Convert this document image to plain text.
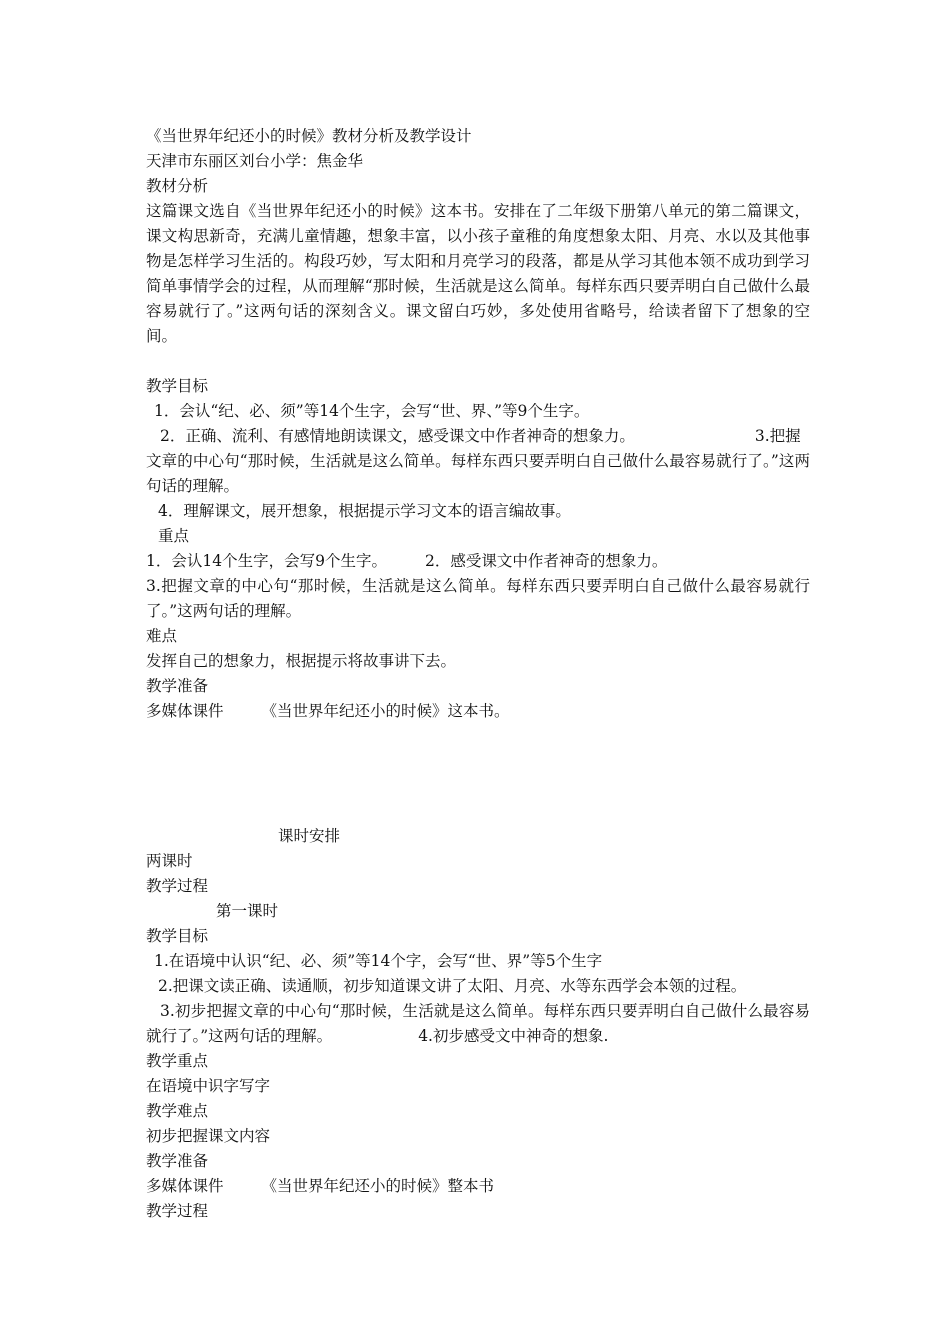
《当世界年纪还小的时候》教材分析及教学设计
天津市东丽区刘台小学：焦金华
教材分析
这篇课文选自《当世界年纪还小的时候》这本书。安排在了二年级下册第八单元的第二篇课文，课文构思新奇，充满儿童情趣，想象丰富，以小孩子童稚的角度想象太阳、月亮、水以及其他事物是怎样学习生活的。构段巧妙，写太阳和月亮学习的段落，都是从学习其他本领不成功到学习简单事情学会的过程，从而理解“那时候，生活就是这么简单。每样东西只要弄明白自己做什么最容易就行了。”这两句话的深刻含义。课文留白巧妙，多处使用省略号，给读者留下了想象的空间。
教学目标
1．会认“纪、必、须”等14个生字，会写“世、界、”等9个生字。
2．正确、流利、有感情地朗读课文，感受课文中作者神奇的想象力。	3.把握
文章的中心句“那时候，生活就是这么简单。每样东西只要弄明白自己做什么最容易就行了。”这两句话的理解。
4．理解课文，展开想象，根据提示学习文本的语言编故事。
重点
1．会认14个生字，会写9个生字。 2．感受课文中作者神奇的想象力。
3.把握文章的中心句“那时候，生活就是这么简单。每样东西只要弄明白自己做什么最容易就行了。”这两句话的理解。
难点
发挥自己的想象力，根据提示将故事讲下去。
教学准备
多媒体课件 《当世界年纪还小的时候》这本书。
课时安排
两课时
教学过程
第一课时
教学目标
1.在语境中认识“纪、必、须”等14个字，会写“世、界”等5个生字
2.把课文读正确、读通顺，初步知道课文讲了太阳、月亮、水等东西学会本领的过程。
3.初步把握文章的中心句“那时候，生活就是这么简单。每样东西只要弄明白自己做什么最容易就行了。”这两句话的理解。	4.初步感受文中神奇的想象.
教学重点
在语境中识字写字
教学难点
初步把握课文内容
教学准备
多媒体课件 《当世界年纪还小的时候》整本书
教学过程
